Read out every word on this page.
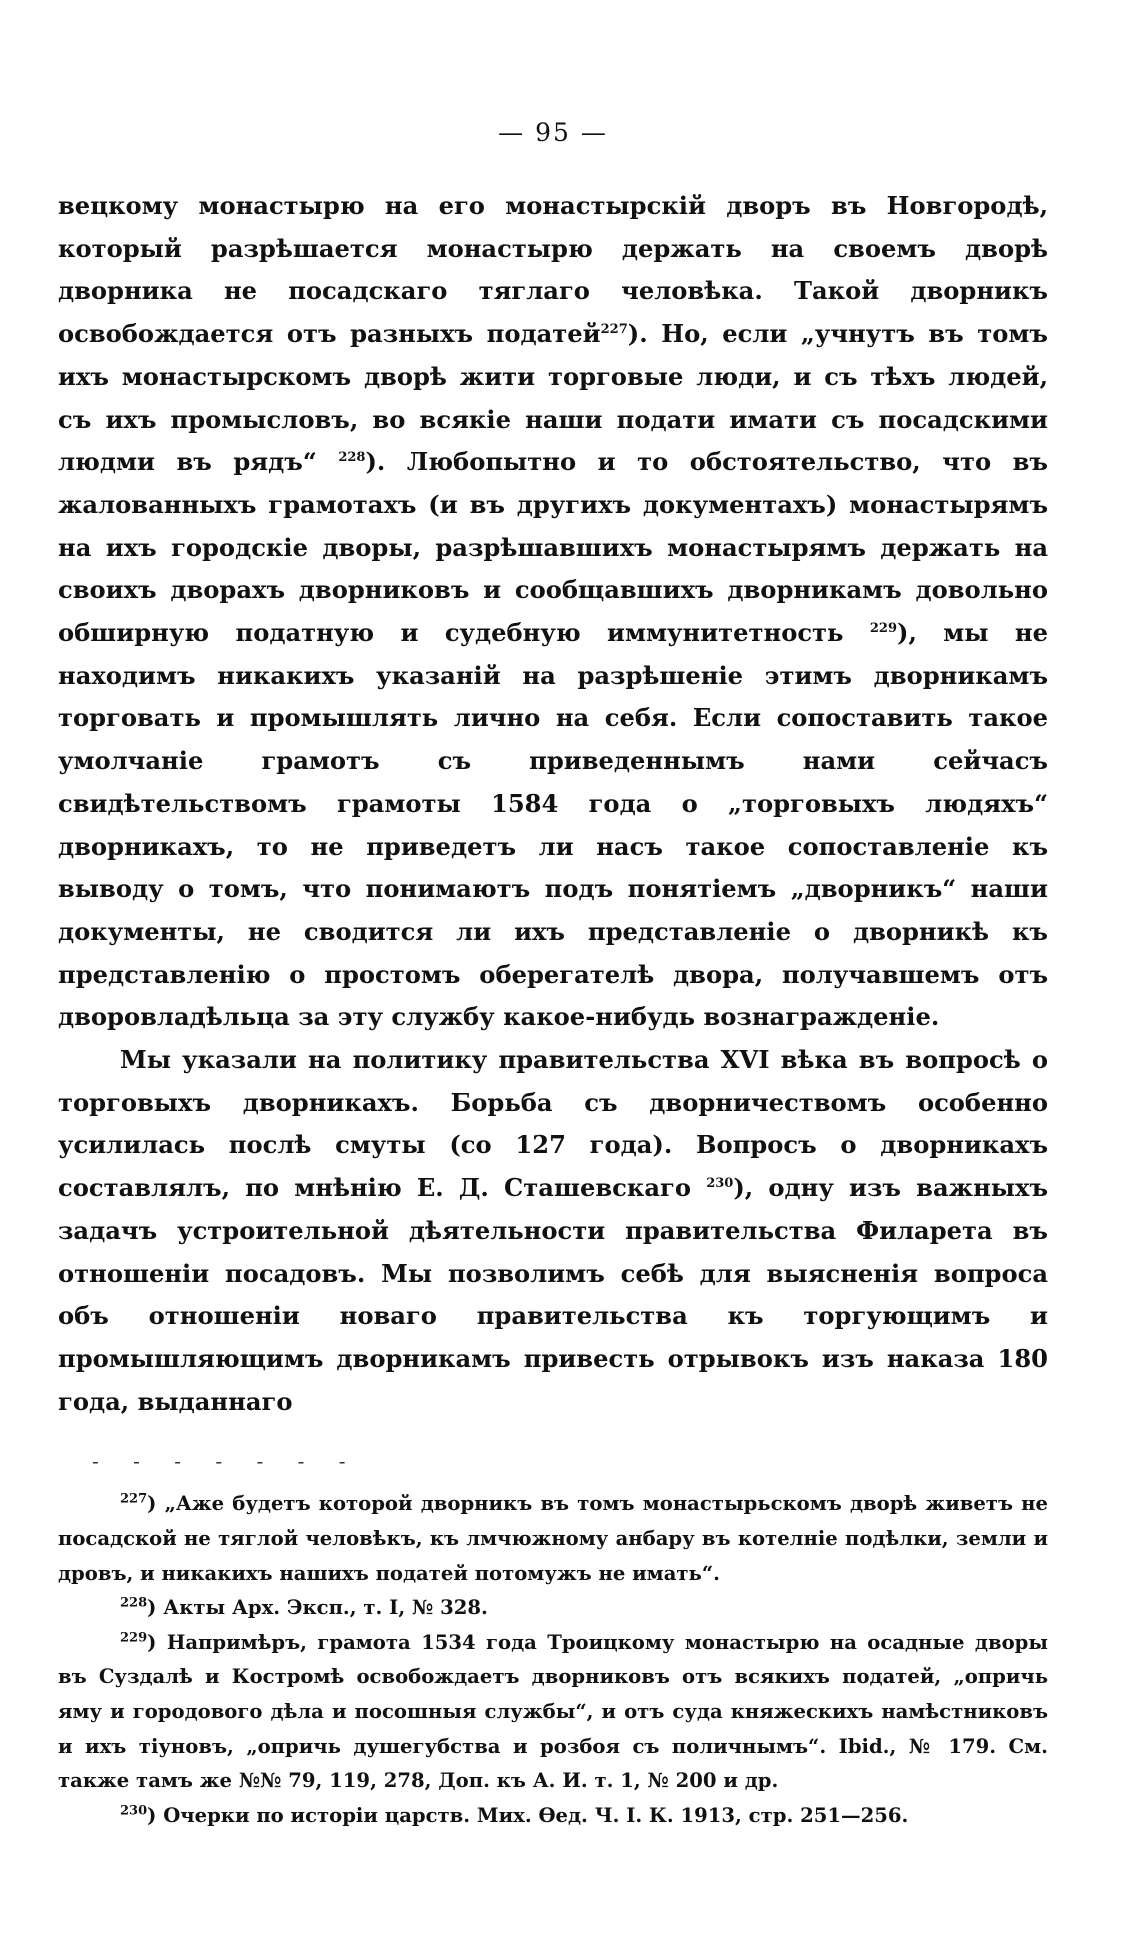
— 95 —

вецкому монастырю на его монастырскій дворъ въ Новгородѣ, который разрѣшается монастырю держать на своемъ дворѣ дворника не посадскаго тяглаго человѣка. Такой дворникъ освобождается отъ разныхъ податей$^{227}$). Но, если „учнутъ въ томъ ихъ монастырскомъ дворѣ жити торговые люди, и съ тѣхъ людей, съ ихъ промысловъ, во всякіе наши подати имати съ посадскими людми въ рядъ“ $^{228}$). Любопытно и то обстоятельство, что въ жалованныхъ грамотахъ (и въ другихъ документахъ) монастырямъ на ихъ городскіе дворы, разрѣшавшихъ монастырямъ держать на своихъ дворахъ дворниковъ и сообщавшихъ дворникамъ довольно обширную податную и судебную иммунитетность $^{229}$), мы не находимъ никакихъ указаній на разрѣшеніе этимъ дворникамъ торговать и промышлять лично на себя. Если сопоставить такое умолчаніе грамотъ съ приведеннымъ нами сейчасъ свидѣтельствомъ грамоты 1584 года о „торговыхъ людяхъ“ дворникахъ, то не приведетъ ли насъ такое сопоставленіе къ выводу о томъ, что понимаютъ подъ понятіемъ „дворникъ“ наши документы, не сводится ли ихъ представленіе о дворникѣ къ представленію о простомъ оберегателѣ двора, получавшемъ отъ дворовладѣльца за эту службу какое-нибудь вознагражденіе.

Мы указали на политику правительства XVI вѣка въ вопросѣ о торговыхъ дворникахъ. Борьба съ дворничествомъ особенно усилилась послѣ смуты (со 127 года). Вопросъ о дворникахъ составлялъ, по мнѣнію Е. Д. Сташевскаго $^{230}$), одну изъ важныхъ задачъ устроительной дѣятельности правительства Филарета въ отношеніи посадовъ. Мы позволимъ себѣ для выясненія вопроса объ отношеніи новаго правительства къ торгующимъ и промышляющимъ дворникамъ привесть отрывокъ изъ наказа 180 года, выданнаго

- - - - - - -

$^{227}$) „Аже будетъ которой дворникъ въ томъ монастырьскомъ дворѣ живетъ не посадской не тяглой человѣкъ, къ лмчюжному анбару въ котелніе подѣлки, земли и дровъ, и никакихъ нашихъ податей потомужъ не имать“.

$^{228}$) Акты Арх. Эксп., т. I, № 328.

$^{229}$) Напримѣръ, грамота 1534 года Троицкому монастырю на осадные дворы въ Суздалѣ и Костромѣ освобождаетъ дворниковъ отъ всякихъ податей, „опричь яму и городового дѣла и посошныя службы“, и отъ суда княжескихъ намѣстниковъ и ихъ тіуновъ, „опричь душегубства и розбоя съ поличнымъ“. Ibid., № 179. См. также тамъ же №№ 79, 119, 278, Доп. къ А. И. т. 1, № 200 и др.

$^{230}$) Очерки по исторіи царств. Мих. Ѳед. Ч. I. К. 1913, стр. 251—256.
